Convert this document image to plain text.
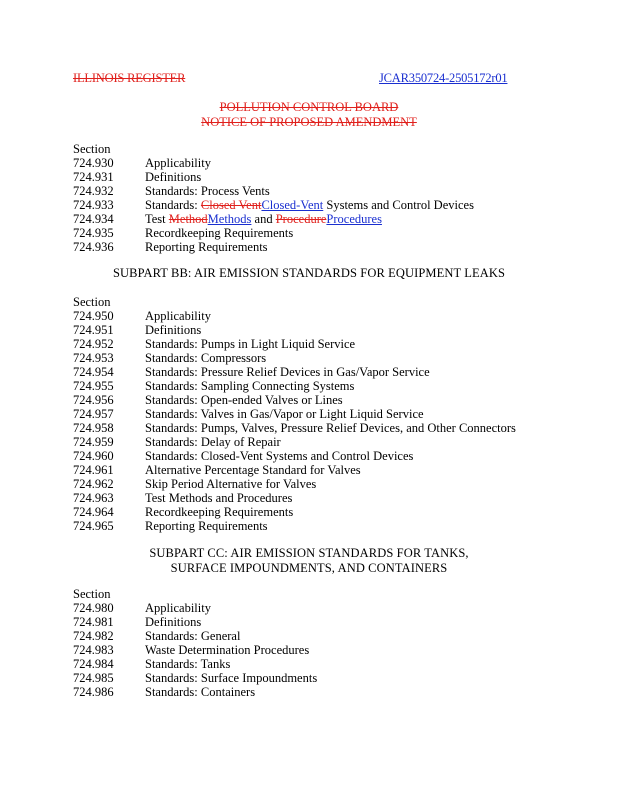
ILLINOIS REGISTER	JCAR350724-2505172r01
POLLUTION CONTROL BOARD
NOTICE OF PROPOSED AMENDMENT
Section
724.930	Applicability
724.931	Definitions
724.932	Standards: Process Vents
724.933	Standards: Closed VentClosed-Vent Systems and Control Devices
724.934	Test MethodMethods and ProcedureProcedures
724.935	Recordkeeping Requirements
724.936	Reporting Requirements
SUBPART BB: AIR EMISSION STANDARDS FOR EQUIPMENT LEAKS
Section
724.950	Applicability
724.951	Definitions
724.952	Standards: Pumps in Light Liquid Service
724.953	Standards: Compressors
724.954	Standards: Pressure Relief Devices in Gas/Vapor Service
724.955	Standards: Sampling Connecting Systems
724.956	Standards: Open-ended Valves or Lines
724.957	Standards: Valves in Gas/Vapor or Light Liquid Service
724.958	Standards: Pumps, Valves, Pressure Relief Devices, and Other Connectors
724.959	Standards: Delay of Repair
724.960	Standards: Closed-Vent Systems and Control Devices
724.961	Alternative Percentage Standard for Valves
724.962	Skip Period Alternative for Valves
724.963	Test Methods and Procedures
724.964	Recordkeeping Requirements
724.965	Reporting Requirements
SUBPART CC: AIR EMISSION STANDARDS FOR TANKS,
SURFACE IMPOUNDMENTS, AND CONTAINERS
Section
724.980	Applicability
724.981	Definitions
724.982	Standards: General
724.983	Waste Determination Procedures
724.984	Standards: Tanks
724.985	Standards: Surface Impoundments
724.986	Standards: Containers
